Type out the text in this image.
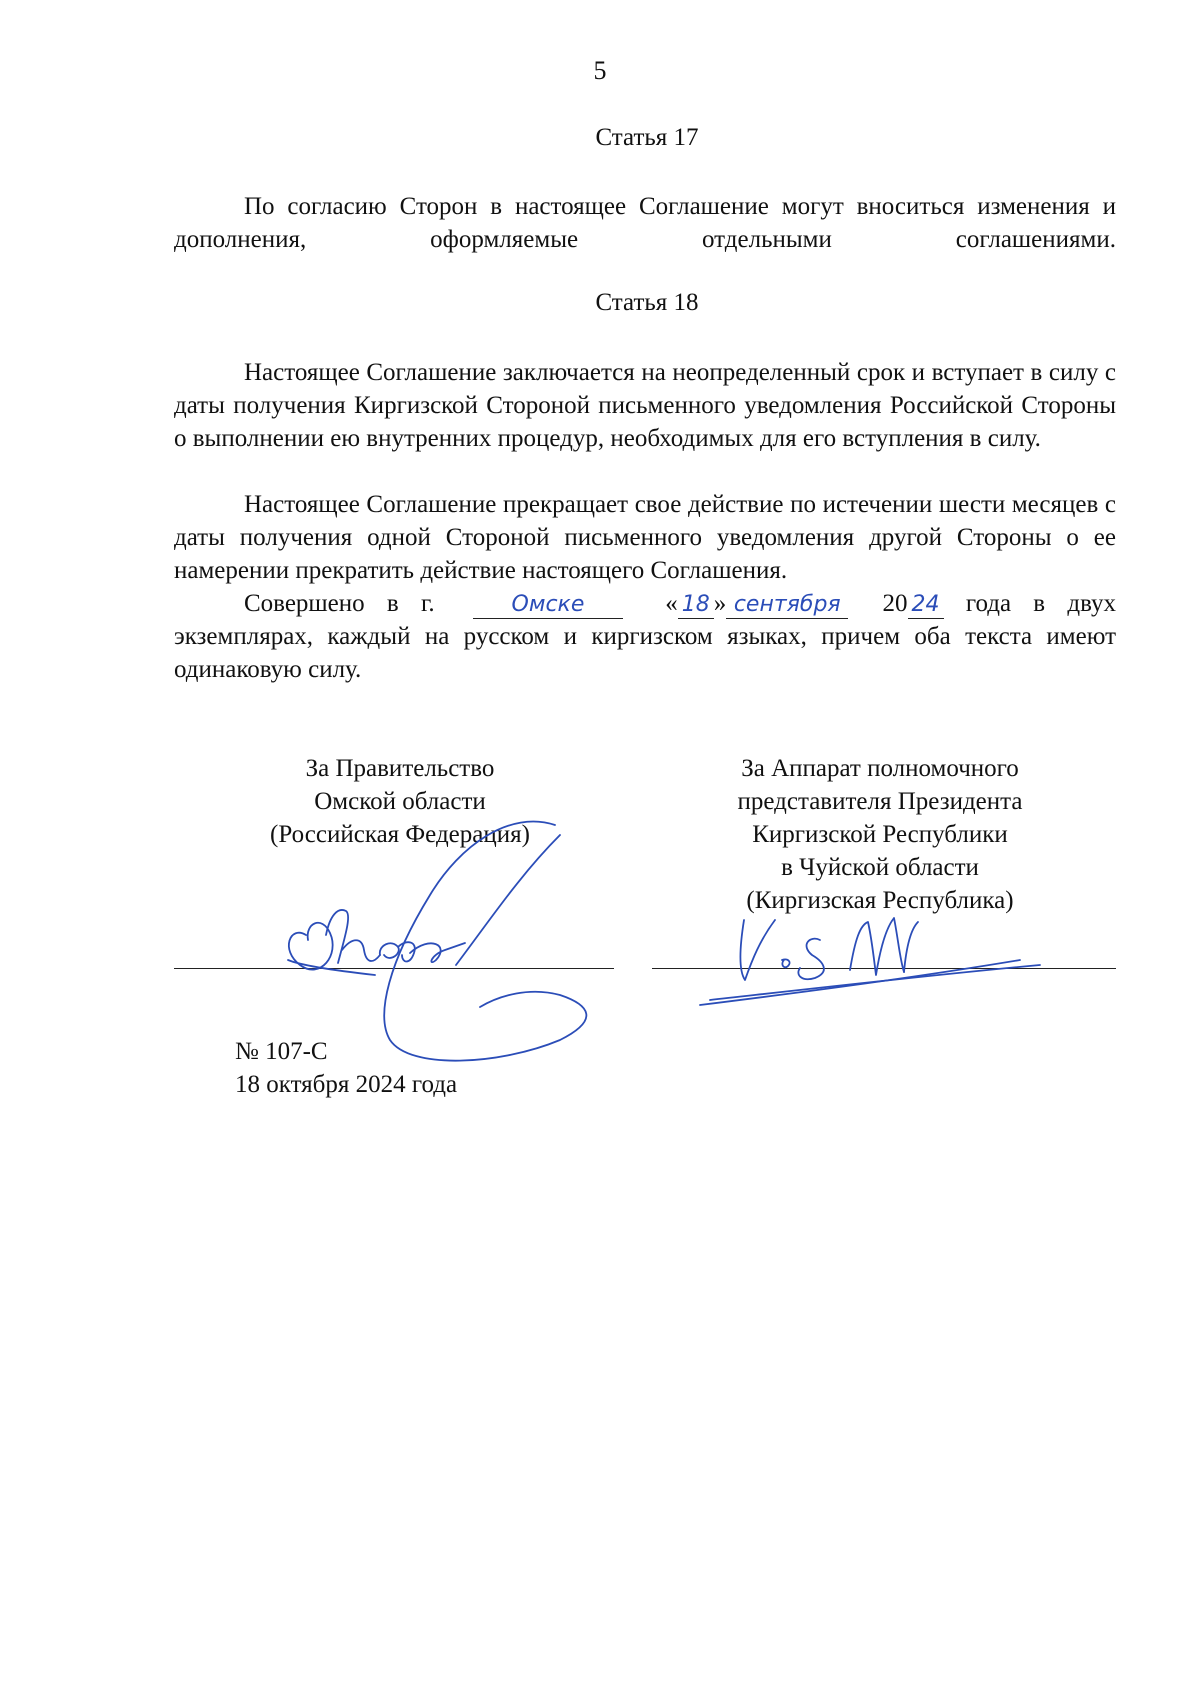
5
Статья 17

По согласию Сторон в настоящее Соглашение могут вноситься изменения и дополнения, оформляемые отдельными соглашениями.

Статья 18

Настоящее Соглашение заключается на неопределенный срок и вступает в силу с даты получения Киргизской Стороной письменного уведомления Российской Стороны о выполнении ею внутренних процедур, необходимых для его вступления в силу.

Настоящее Соглашение прекращает свое действие по истечении шести месяцев с даты получения одной Стороной письменного уведомления другой Стороны о ее намерении прекратить действие настоящего Соглашения.

Совершено в г.	Омске	« 18 » сентября 20 24 года в двух экземплярах, каждый на русском и киргизском языках, причем оба текста имеют одинаковую силу.

За Правительство
Омской области
(Российская Федерация)
За Аппарат полномочного
представителя Президента
Киргизской Республики
в Чуйской области
(Киргизская Республика)
№ 107-С
18 октября 2024 года
